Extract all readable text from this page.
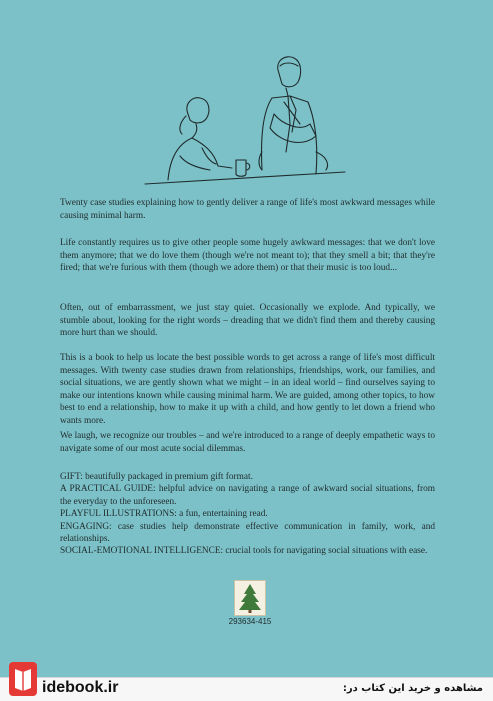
Twenty case studies explaining how to gently deliver a range of life's most awkward messages while causing minimal harm.

Life constantly requires us to give other people some hugely awkward messages: that we don't love them anymore; that we do love them (though we're not meant to); that they smell a bit; that they're fired; that we're furious with them (though we adore them) or that their music is too loud...

Often, out of embarrassment, we just stay quiet. Occasionally we explode. And typically, we stumble about, looking for the right words – dreading that we didn't find them and thereby causing more hurt than we should.

This is a book to help us locate the best possible words to get across a range of life's most difficult messages. With twenty case studies drawn from relationships, friendships, work, our families, and social situations, we are gently shown what we might – in an ideal world – find ourselves saying to make our intentions known while causing minimal harm. We are guided, among other topics, to how best to end a relationship, how to make it up with a child, and how gently to let down a friend who wants more.

We laugh, we recognize our troubles – and we're introduced to a range of deeply empathetic ways to navigate some of our most acute social dilemmas.

GIFT: beautifully packaged in premium gift format.

A PRACTICAL GUIDE: helpful advice on navigating a range of awkward social situations, from the everyday to the unforeseen.

PLAYFUL ILLUSTRATIONS: a fun, entertaining read.

ENGAGING: case studies help demonstrate effective communication in family, work, and relationships.

SOCIAL-EMOTIONAL INTELLIGENCE: crucial tools for navigating social situations with ease.

293634-415
idebook.ir	مشاهده و خرید این کتاب در:
